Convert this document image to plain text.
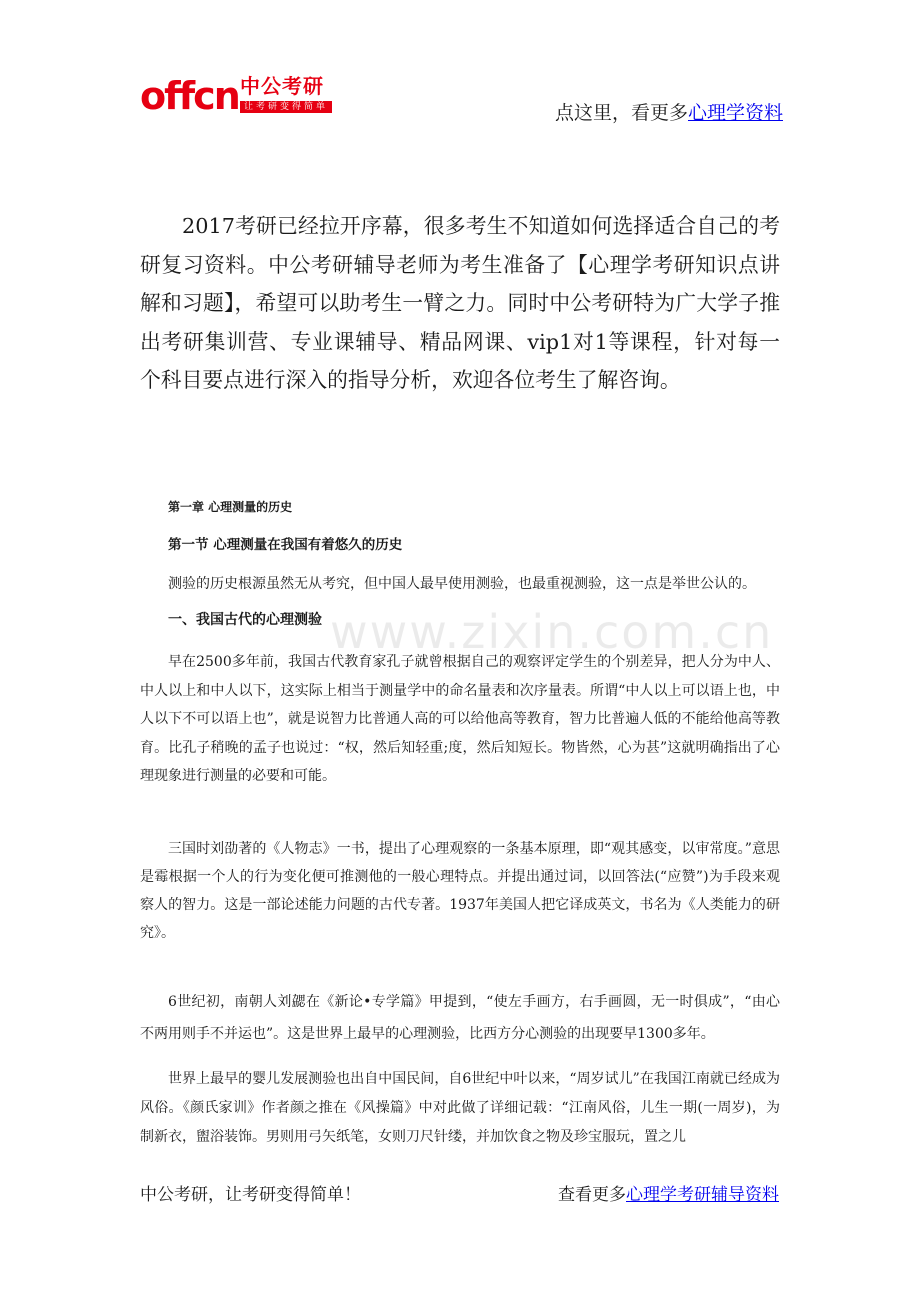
offcn 中公考研
让考研变得简单	点这里，看更多心理学资料

2017考研已经拉开序幕，很多考生不知道如何选择适合自己的考研复习资料。中公考研辅导老师为考生准备了【心理学考研知识点讲解和习题】，希望可以助考生一臂之力。同时中公考研特为广大学子推出考研集训营、专业课辅导、精品网课、vip1对1等课程，针对每一个科目要点进行深入的指导分析，欢迎各位考生了解咨询。

第一章 心理测量的历史
第一节 心理测量在我国有着悠久的历史

测验的历史根源虽然无从考究，但中国人最早使用测验，也最重视测验，这一点是举世公认的。

一、我国古代的心理测验 www.zixin.com.cn

早在2500多年前，我国古代教育家孔子就曾根据自己的观察评定学生的个别差异，把人分为中人、中人以上和中人以下，这实际上相当于测量学中的命名量表和次序量表。所谓“中人以上可以语上也，中人以下不可以语上也”，就是说智力比普通人高的可以给他高等教育，智力比普遍人低的不能给他高等教育。比孔子稍晚的孟子也说过：“权，然后知轻重;度，然后知短长。物皆然，心为甚”这就明确指出了心理现象进行测量的必要和可能。

三国时刘劭著的《人物志》一书，提出了心理观察的一条基本原理，即“观其感变，以审常度。”意思是霉根据一个人的行为变化便可推测他的一般心理特点。并提出通过词，以回答法(“应赞”)为手段来观察人的智力。这是一部论述能力问题的古代专著。1937年美国人把它译成英文，书名为《人类能力的研究》。

6世纪初，南朝人刘勰在《新论•专学篇》甲提到，“使左手画方，右手画圆，无一时俱成”，“由心不两用则手不并运也”。这是世界上最早的心理测验，比西方分心测验的出现要早1300多年。

世界上最早的婴儿发展测验也出自中国民间，自6世纪中叶以来，“周岁试儿”在我国江南就已经成为风俗。《颜氏家训》作者颜之推在《风操篇》中对此做了详细记载：“江南风俗，儿生一期(一周岁)，为制新衣，盥浴装饰。男则用弓矢纸笔，女则刀尺针缕，并加饮食之物及珍宝服玩，置之儿

中公考研，让考研变得简单！	查看更多心理学考研辅导资料
